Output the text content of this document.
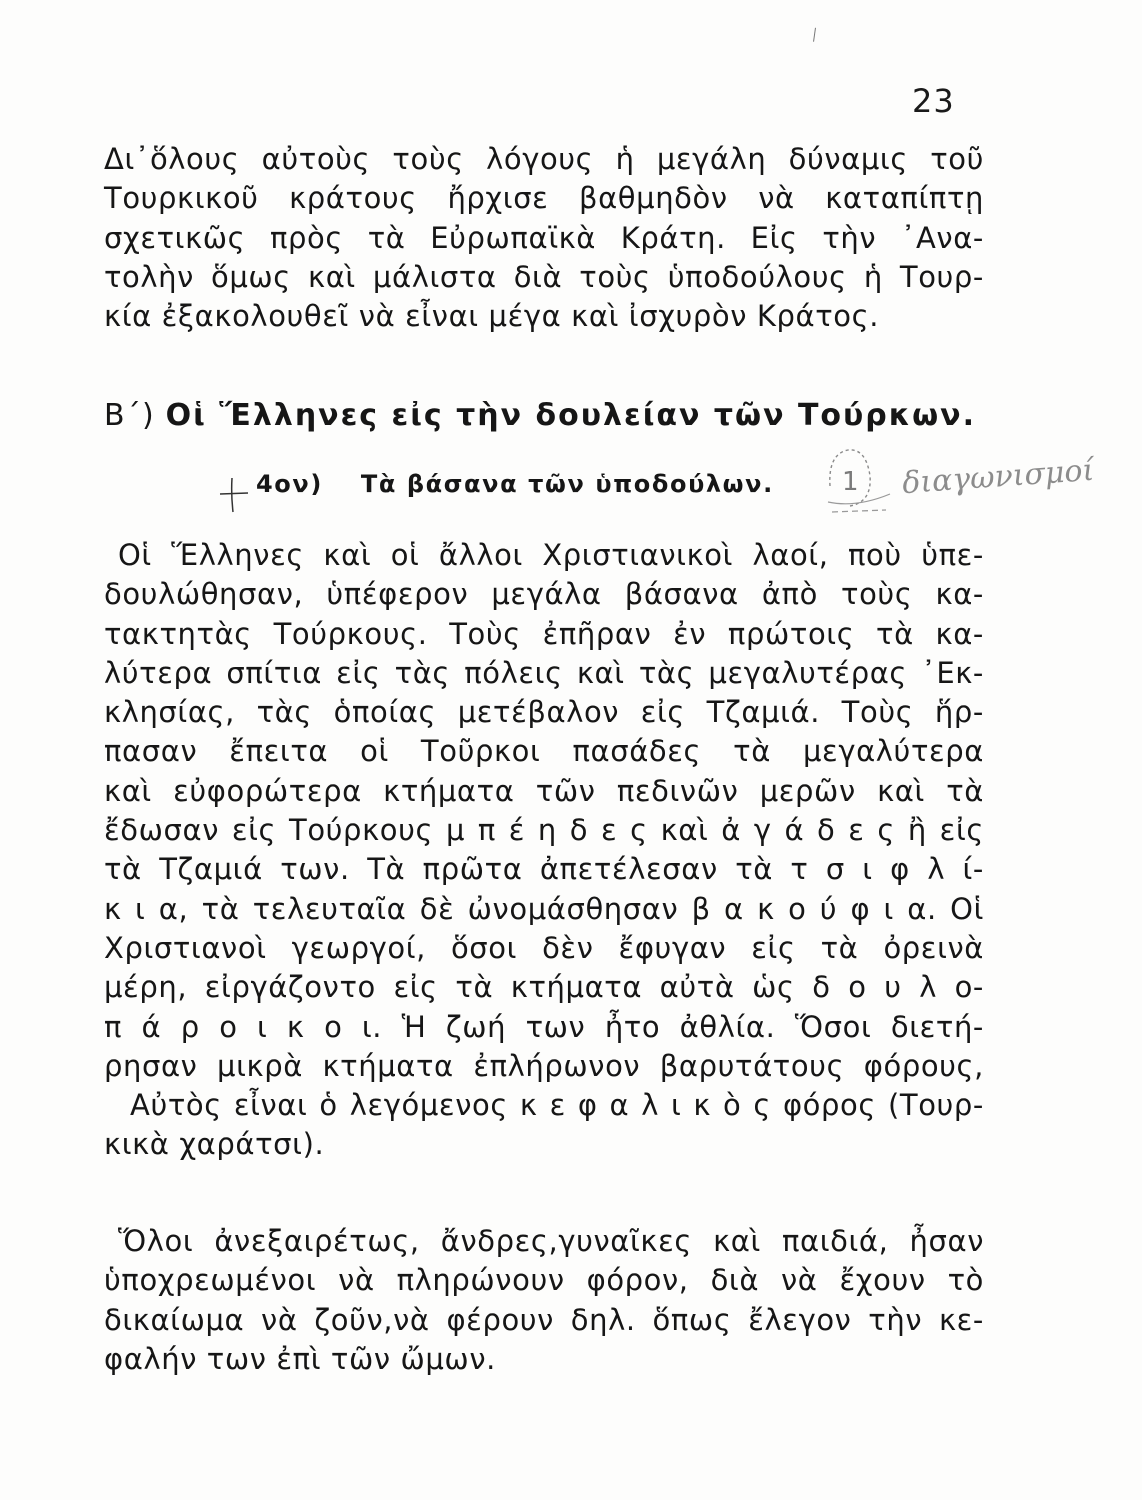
23

Δι᾽ὅλους αὐτοὺς τοὺς λόγους ἡ μεγάλη δύναμις τοῦ
Τουρκικοῦ κράτους ἤρχισε βαθμηδὸν νὰ καταπίπτῃ
σχετικῶς πρὸς τὰ Εὐρωπαϊκὰ Κράτη. Εἰς τὴν ᾽Ανα-
τολὴν ὅμως καὶ μάλιστα διὰ τοὺς ὑποδούλους ἡ Τουρ-
κία ἐξακολουθεῖ νὰ εἶναι μέγα καὶ ἰσχυρὸν Κράτος.

Β΄) Οἱ Ἕλληνες εἰς τὴν δουλείαν τῶν Τούρκων.
4ον) Τὰ βάσανα τῶν ὑποδούλων.	1 διαγωνισμοί

Οἱ Ἕλληνες καὶ οἱ ἄλλοι Χριστιανικοὶ λαοί, ποὺ ὑπε-
δουλώθησαν, ὑπέφερον μεγάλα βάσανα ἀπὸ τοὺς κα-
τακτητὰς Τούρκους. Τοὺς ἐπῆραν ἐν πρώτοις τὰ κα-
λύτερα σπίτια εἰς τὰς πόλεις καὶ τὰς μεγαλυτέρας ᾽Εκ-
κλησίας, τὰς ὁποίας μετέβαλον εἰς Τζαμιά. Τοὺς ἥρ-
πασαν ἔπειτα οἱ Τοῦρκοι πασάδες τὰ μεγαλύτερα
καὶ εὐφορώτερα κτήματα τῶν πεδινῶν μερῶν καὶ τὰ
ἔδωσαν εἰς Τούρκους μ π έ η δ ε ς καὶ ἀ γ ά δ ε ς ἢ εἰς
τὰ Τζαμιά των. Τὰ πρῶτα ἀπετέλεσαν τὰ τ σ ι φ λ ί-
κ ι α, τὰ τελευταῖα δὲ ὠνομάσθησαν β α κ ο ύ φ ι α. Οἱ
Χριστιανοὶ γεωργοί, ὅσοι δὲν ἔφυγαν εἰς τὰ ὀρεινὰ
μέρη, εἰργάζοντο εἰς τὰ κτήματα αὐτὰ ὡς δ ο υ λ ο-
π ά ρ ο ι κ ο ι. Ἡ ζωή των ἦτο ἀθλία. Ὅσοι διετή-
ρησαν μικρὰ κτήματα ἐπλήρωνον βαρυτάτους φόρους,
Αὐτὸς εἶναι ὁ λεγόμενος κ ε φ α λ ι κ ὸ ς φόρος (Τουρ-
κικὰ χαράτσι).

Ὅλοι ἀνεξαιρέτως, ἄνδρες,γυναῖκες καὶ παιδιά, ἦσαν
ὑποχρεωμένοι νὰ πληρώνουν φόρον, διὰ νὰ ἔχουν τὸ
δικαίωμα νὰ ζοῦν,νὰ φέρουν δηλ. ὅπως ἔλεγον τὴν κε-
φαλήν των ἐπὶ τῶν ὤμων.
